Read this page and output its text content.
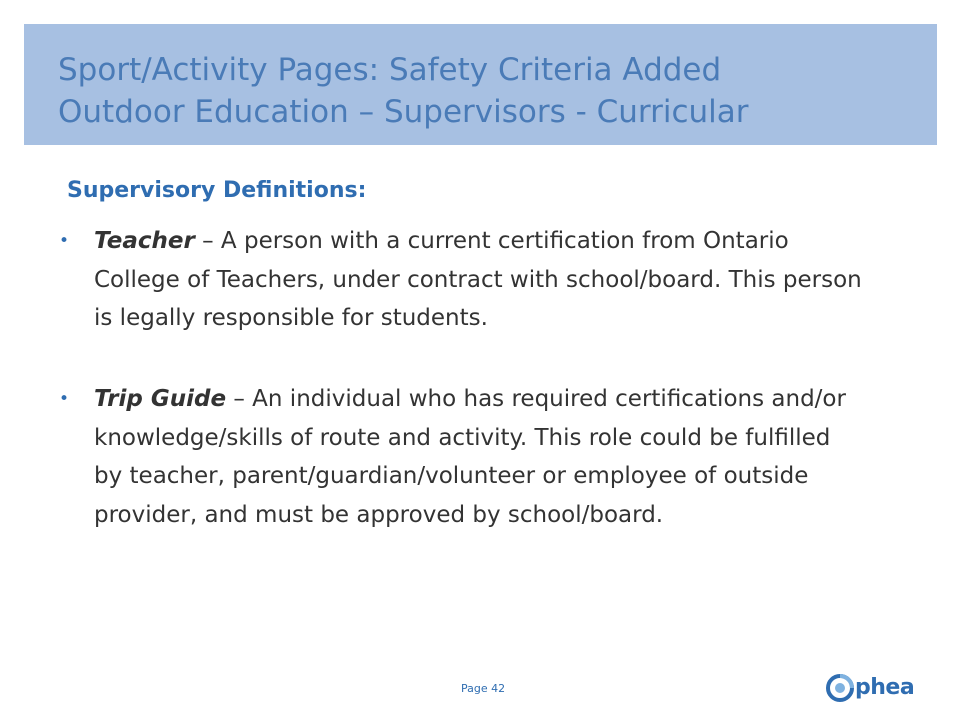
Sport/Activity Pages: Safety Criteria Added
Outdoor Education – Supervisors - Curricular
Supervisory Definitions:
• Teacher – A person with a current certification from Ontario College of Teachers, under contract with school/board. This person is legally responsible for students.
• Trip Guide – An individual who has required certifications and/or knowledge/skills of route and activity. This role could be fulfilled by teacher, parent/guardian/volunteer or employee of outside provider, and must be approved by school/board.
Page 42	phea
